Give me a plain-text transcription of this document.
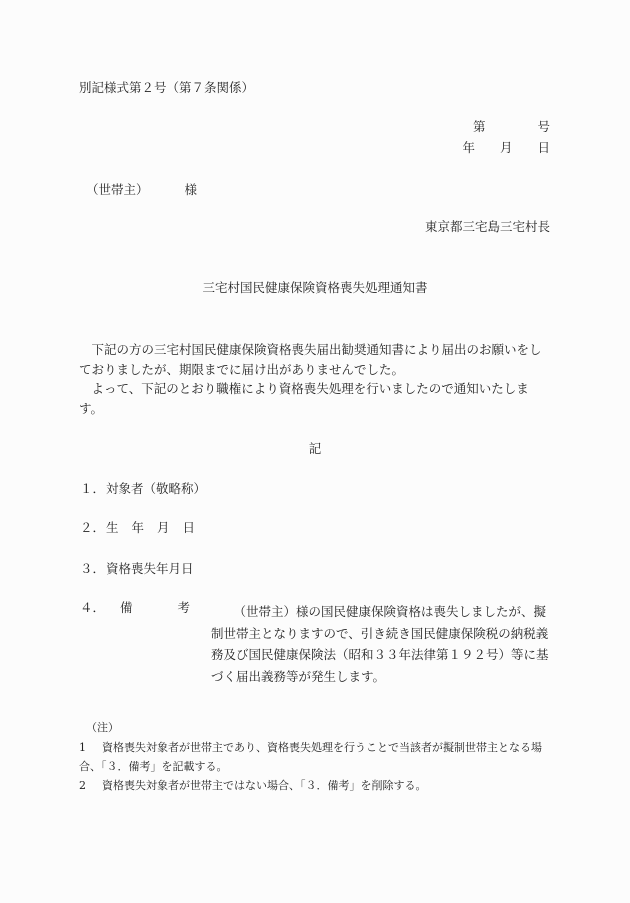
別記様式第２号（第７条関係）
第	号
年 月 日
（世帯主）	様
東京都三宅島三宅村長
三宅村国民健康保険資格喪失処理通知書

下記の方の三宅村国民健康保険資格喪失届出勧奨通知書により届出のお願いをしておりましたが、期限までに届け出がありませんでした。

よって、下記のとおり職権により資格喪失処理を行いましたので通知いたします。

記
１．対象者（敬略称）
２．生 年 月 日
３．資格喪失年月日
４． 備	考	（世帯主）様の国民健康保険資格は喪失しましたが、擬制世帯主となりますので、引き続き国民健康保険税の納税義務及び国民健康保険法（昭和３３年法律第１９２号）等に基づく届出義務等が発生します。
（注）

1 資格喪失対象者が世帯主であり、資格喪失処理を行うことで当該者が擬制世帯主となる場合、「３．備考」を記載する。

2 資格喪失対象者が世帯主ではない場合、「３．備考」を削除する。
